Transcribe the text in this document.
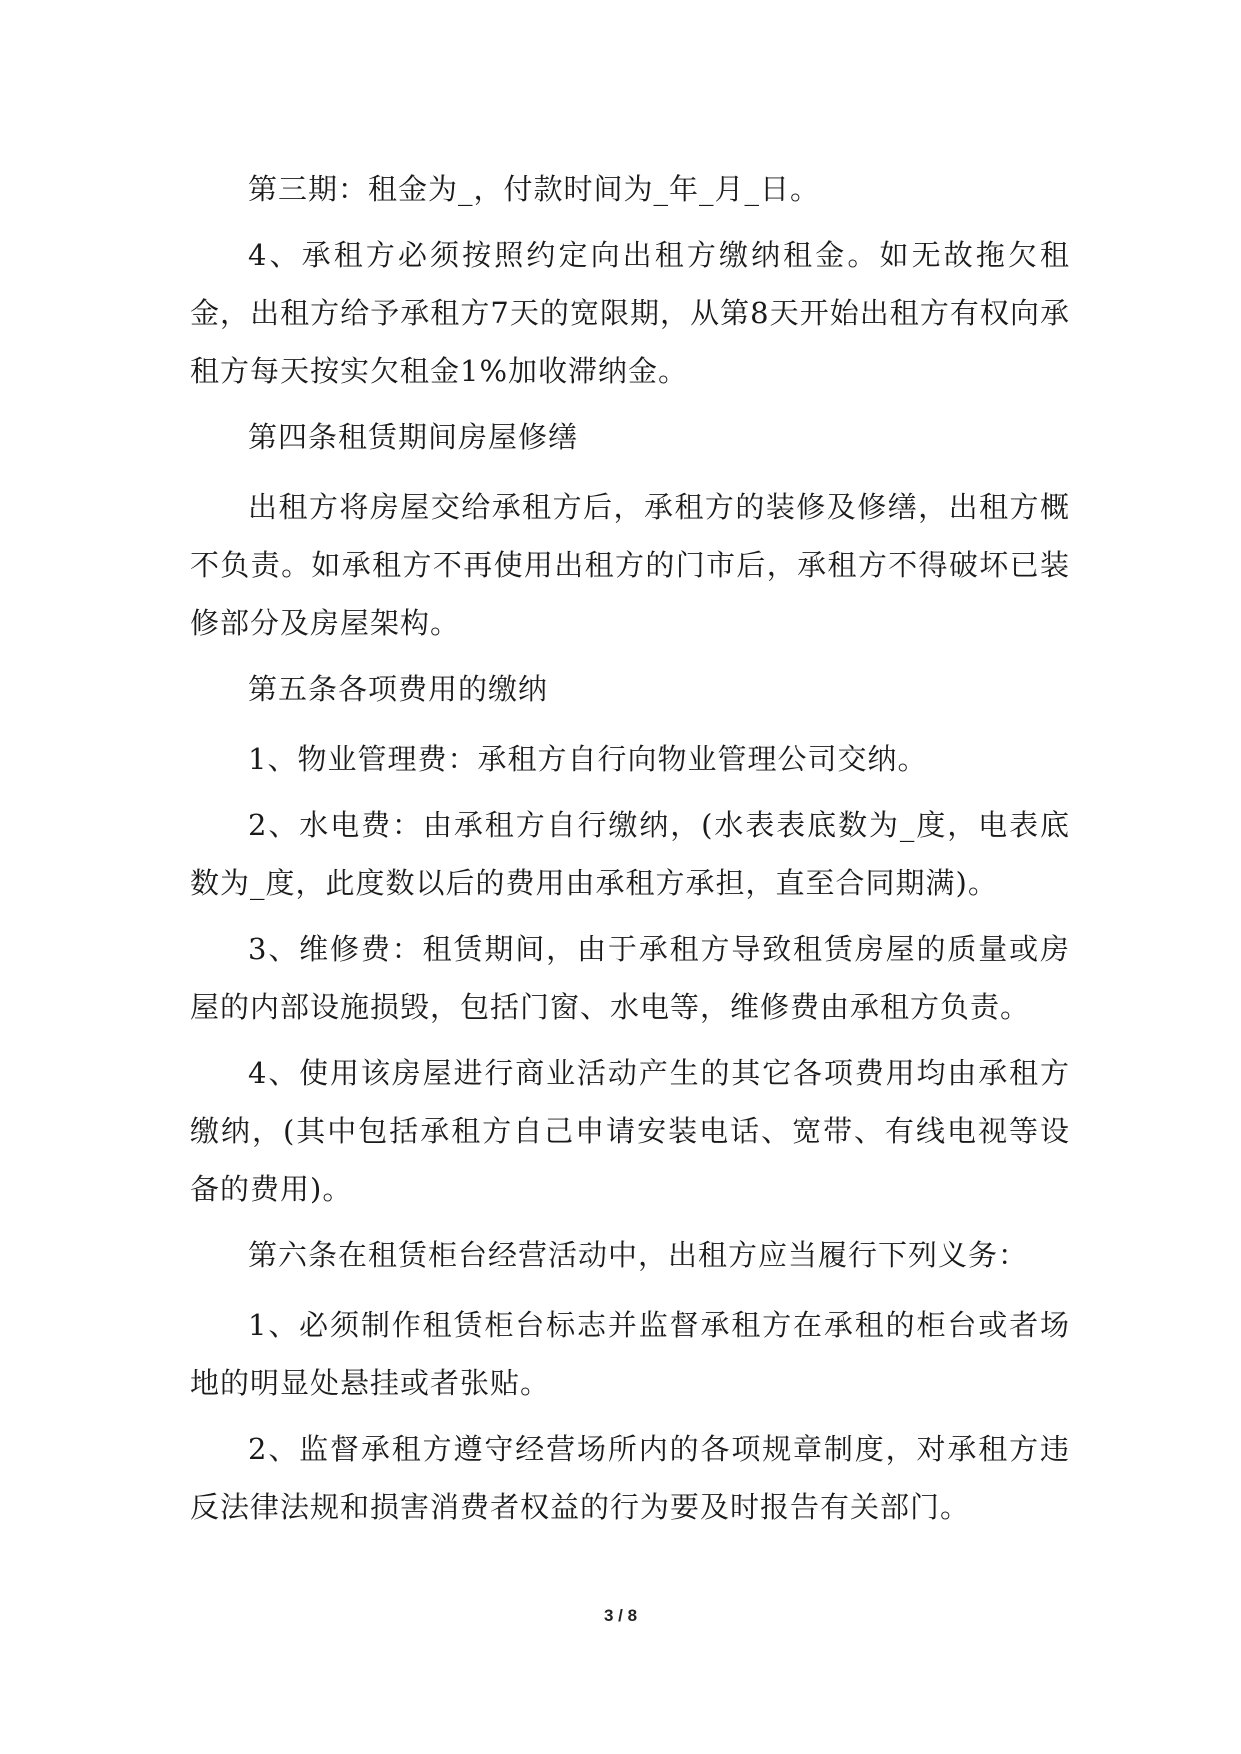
第三期：租金为_，付款时间为_年_月_日。

4、承租方必须按照约定向出租方缴纳租金。如无故拖欠租金，出租方给予承租方7天的宽限期，从第8天开始出租方有权向承租方每天按实欠租金1%加收滞纳金。

第四条租赁期间房屋修缮

出租方将房屋交给承租方后，承租方的装修及修缮，出租方概不负责。如承租方不再使用出租方的门市后，承租方不得破坏已装修部分及房屋架构。

第五条各项费用的缴纳

1、物业管理费：承租方自行向物业管理公司交纳。

2、水电费：由承租方自行缴纳，(水表表底数为_度，电表底数为_度，此度数以后的费用由承租方承担，直至合同期满)。

3、维修费：租赁期间，由于承租方导致租赁房屋的质量或房屋的内部设施损毁，包括门窗、水电等，维修费由承租方负责。

4、使用该房屋进行商业活动产生的其它各项费用均由承租方缴纳，(其中包括承租方自己申请安装电话、宽带、有线电视等设备的费用)。

第六条在租赁柜台经营活动中，出租方应当履行下列义务：

1、必须制作租赁柜台标志并监督承租方在承租的柜台或者场地的明显处悬挂或者张贴。

2、监督承租方遵守经营场所内的各项规章制度，对承租方违反法律法规和损害消费者权益的行为要及时报告有关部门。

3 / 8
